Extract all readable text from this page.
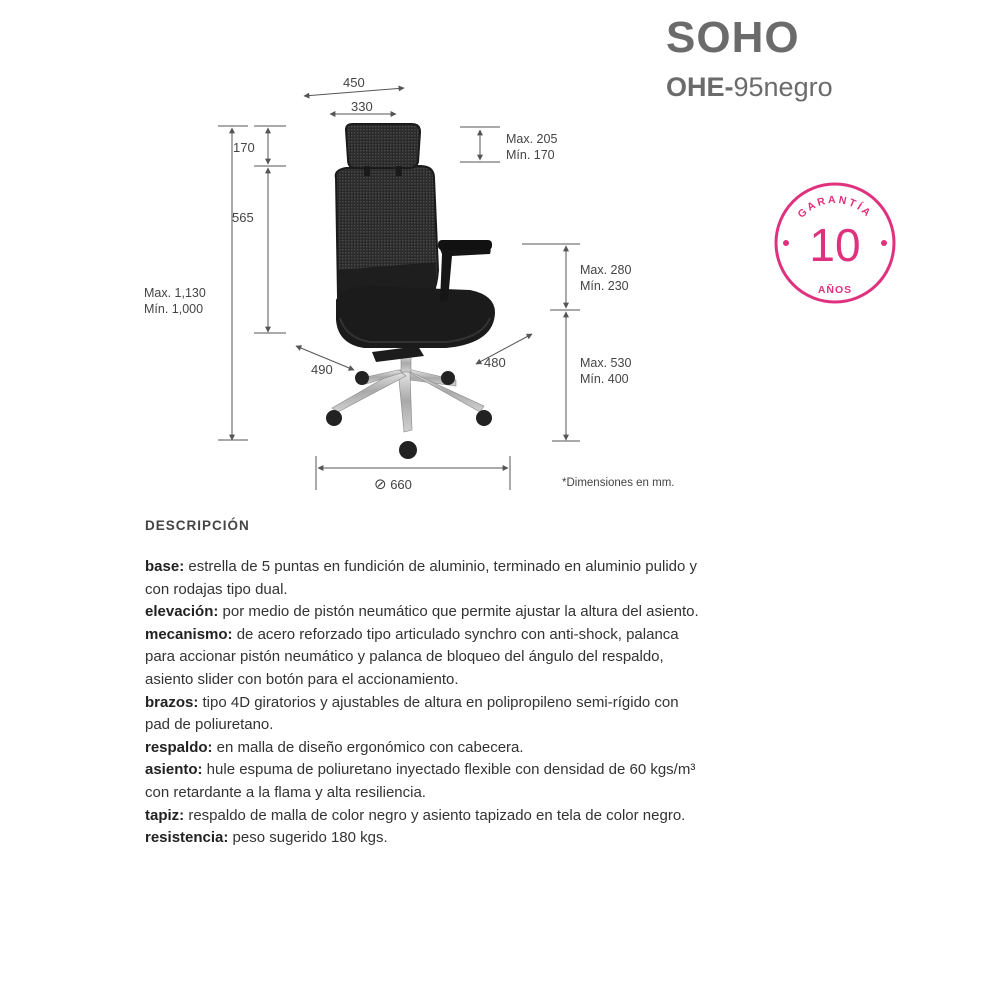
SOHO
OHE-95negro
450
330
170
565
Max. 1,130
Mín. 1,000
Max. 205
Mín. 170
Max. 280
Mín. 230
Max. 530
Mín. 400
490	480
⊘ 660	*Dimensiones en mm.
GARANTÍA
10
AÑOS
DESCRIPCIÓN

base: estrella de 5 puntas en fundición de aluminio, terminado en aluminio pulido y con rodajas tipo dual.

elevación: por medio de pistón neumático que permite ajustar la altura del asiento.

mecanismo: de acero reforzado tipo articulado synchro con anti-shock, palanca para accionar pistón neumático y palanca de bloqueo del ángulo del respaldo, asiento slider con botón para el accionamiento.

brazos: tipo 4D giratorios y ajustables de altura en polipropileno semi-rígido con pad de poliuretano.

respaldo: en malla de diseño ergonómico con cabecera.

asiento: hule espuma de poliuretano inyectado flexible con densidad de 60 kgs/m³ con retardante a la flama y alta resiliencia.

tapiz: respaldo de malla de color negro y asiento tapizado en tela de color negro.

resistencia: peso sugerido 180 kgs.
